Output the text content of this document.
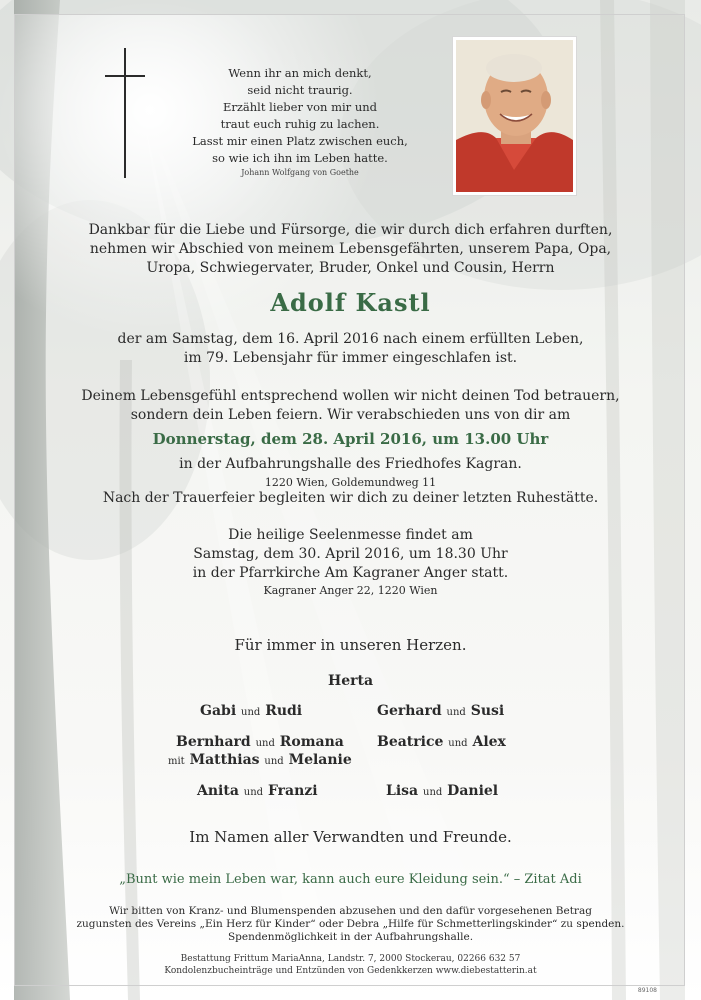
Wenn ihr an mich denkt,
seid nicht traurig.
Erzählt lieber von mir und
traut euch ruhig zu lachen.
Lasst mir einen Platz zwischen euch,
so wie ich ihn im Leben hatte.
Johann Wolfgang von Goethe
Dankbar für die Liebe und Fürsorge, die wir durch dich erfahren durften,
nehmen wir Abschied von meinem Lebensgefährten, unserem Papa, Opa,
Uropa, Schwiegervater, Bruder, Onkel und Cousin, Herrn
Adolf Kastl
der am Samstag, dem 16. April 2016 nach einem erfüllten Leben,
im 79. Lebensjahr für immer eingeschlafen ist.
Deinem Lebensgefühl entsprechend wollen wir nicht deinen Tod betrauern,
sondern dein Leben feiern. Wir verabschieden uns von dir am
Donnerstag, dem 28. April 2016, um 13.00 Uhr
in der Aufbahrungshalle des Friedhofes Kagran.
1220 Wien, Goldemundweg 11
Nach der Trauerfeier begleiten wir dich zu deiner letzten Ruhestätte.
Die heilige Seelenmesse findet am
Samstag, dem 30. April 2016, um 18.30 Uhr
in der Pfarrkirche Am Kagraner Anger statt.
Kagraner Anger 22, 1220 Wien
Für immer in unseren Herzen.
Herta
Gabi und Rudi	Gerhard und Susi
Bernhard und Romana Beatrice und Alex
mit Matthias und Melanie
Anita und Franzi	Lisa und Daniel
Im Namen aller Verwandten und Freunde.
„Bunt wie mein Leben war, kann auch eure Kleidung sein.“ – Zitat Adi
Wir bitten von Kranz- und Blumenspenden abzusehen und den dafür vorgesehenen Betrag
zugunsten des Vereins „Ein Herz für Kinder“ oder Debra „Hilfe für Schmetterlingskinder“ zu spenden.
Spendenmöglichkeit in der Aufbahrungshalle.
Bestattung Frittum MariaAnna, Landstr. 7, 2000 Stockerau, 02266 632 57
Kondolenzbucheinträge und Entzünden von Gedenkkerzen www.diebestatterin.at
89108
